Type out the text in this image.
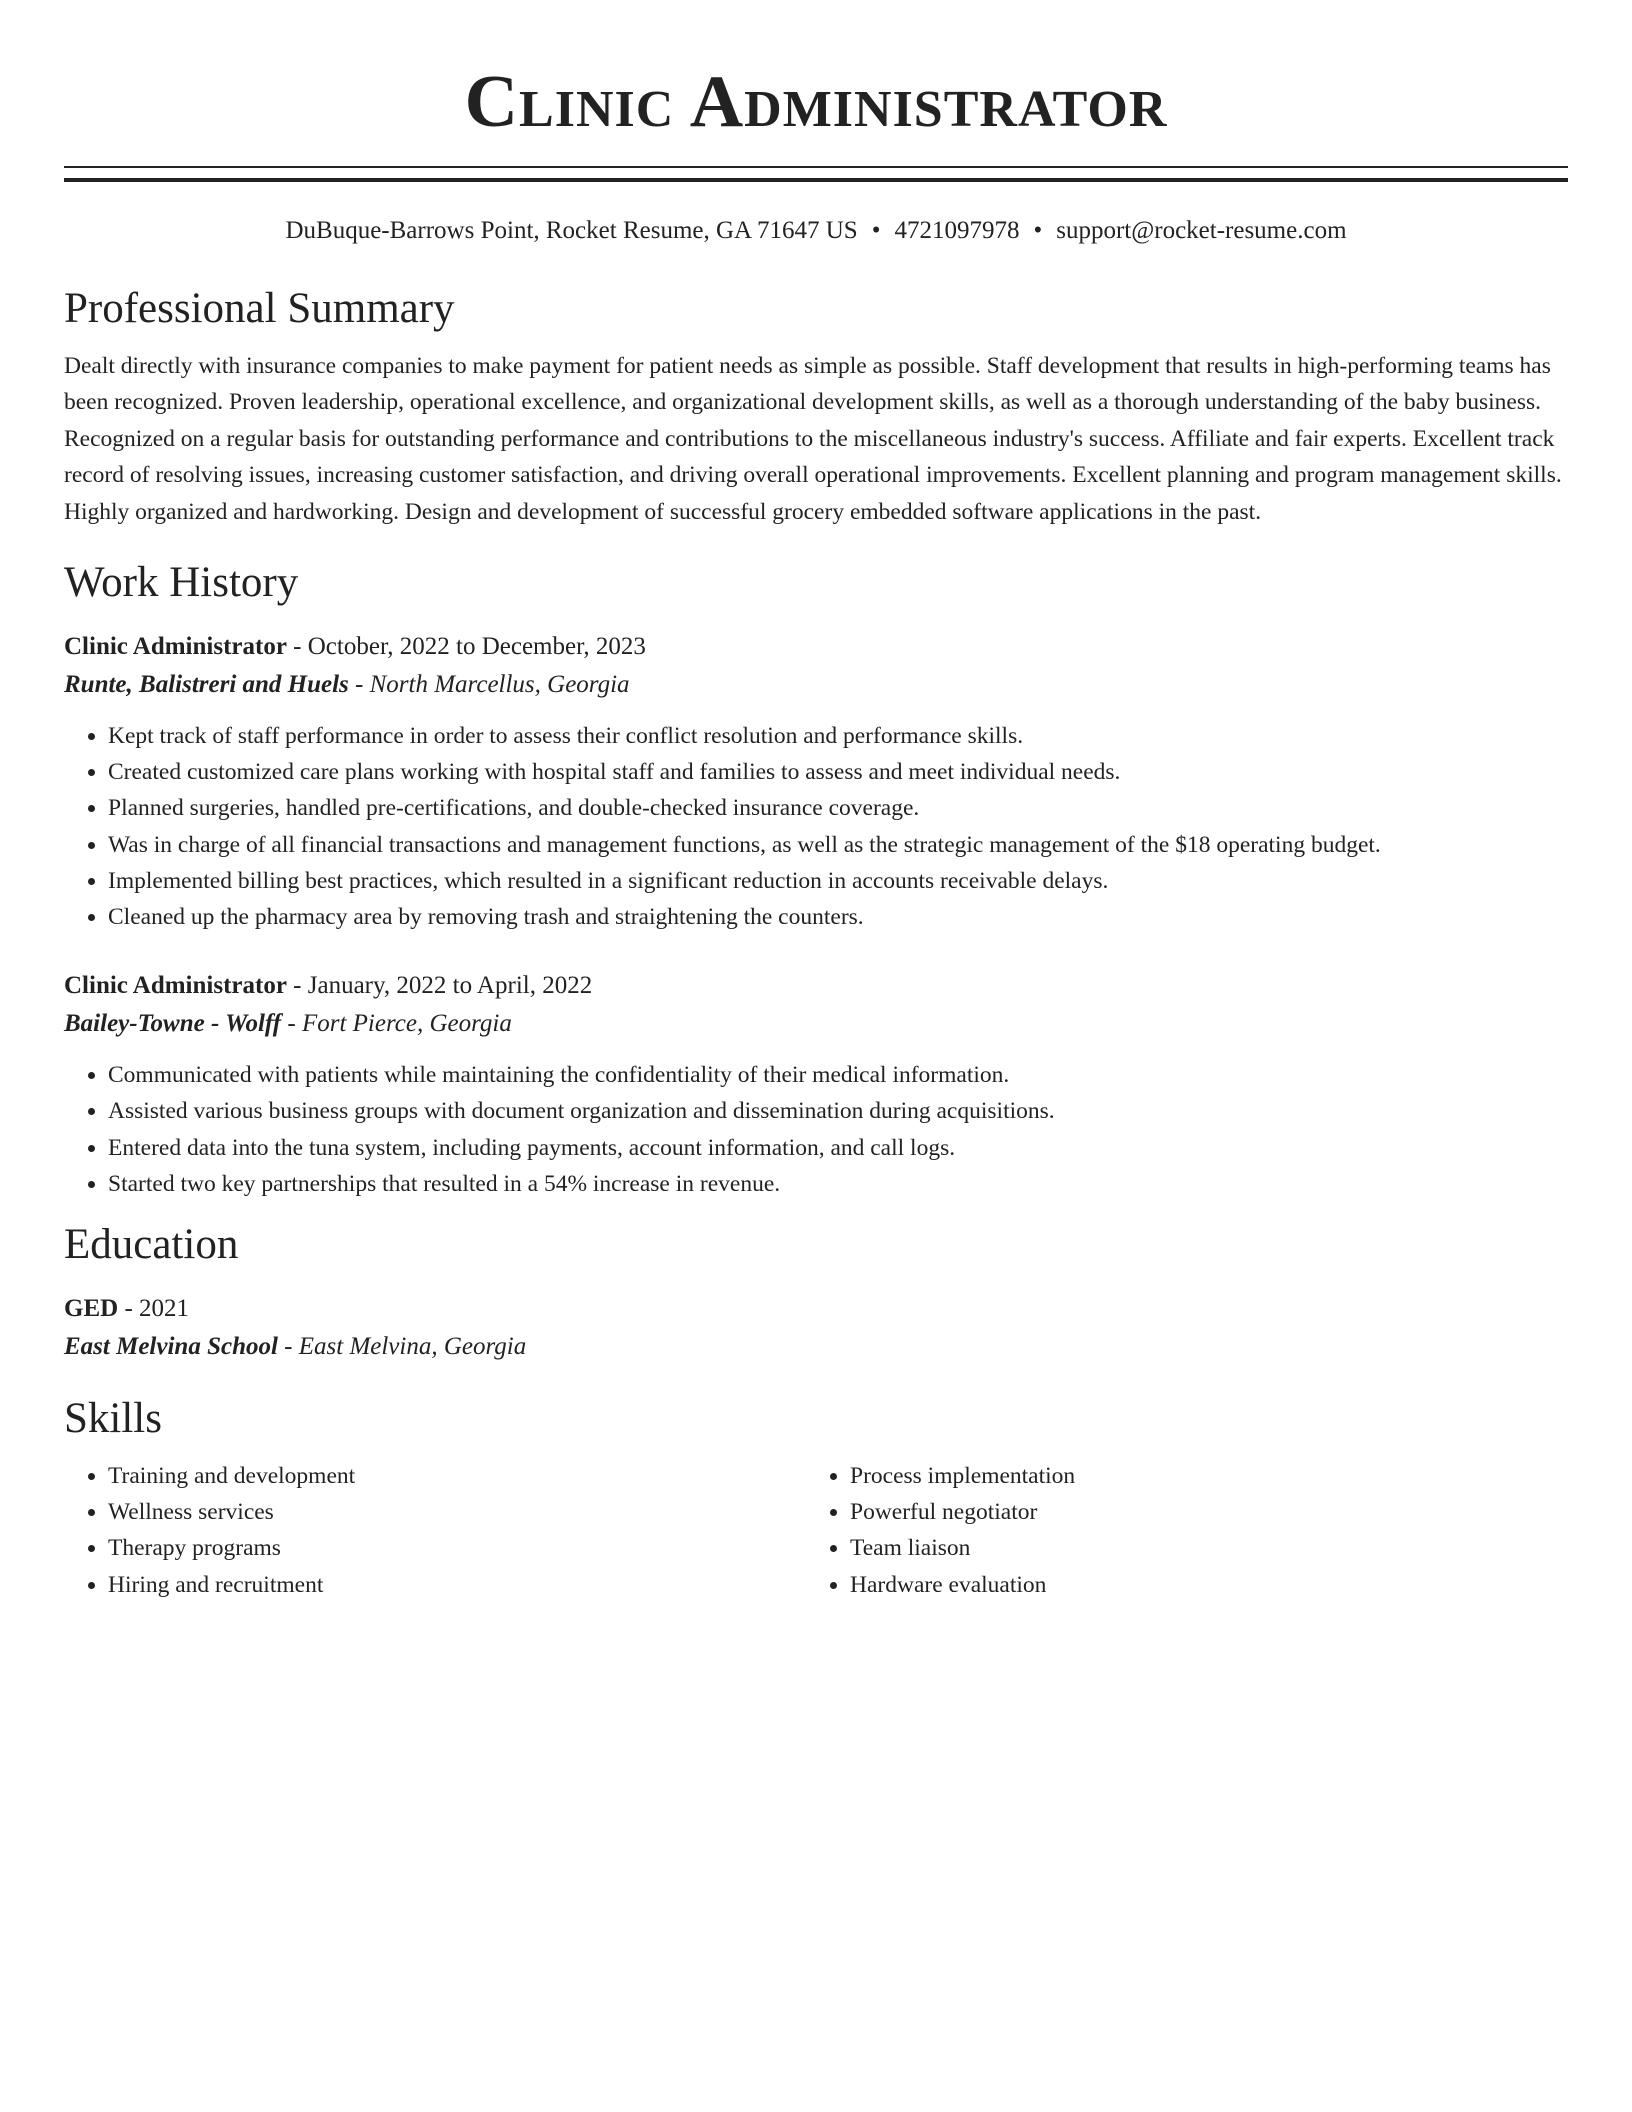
Clinic Administrator
DuBuque-Barrows Point, Rocket Resume, GA 71647 US • 4721097978 • support@rocket-resume.com
Professional Summary

Dealt directly with insurance companies to make payment for patient needs as simple as possible. Staff development that results in high-performing teams has been recognized. Proven leadership, operational excellence, and organizational development skills, as well as a thorough understanding of the baby business. Recognized on a regular basis for outstanding performance and contributions to the miscellaneous industry's success. Affiliate and fair experts. Excellent track record of resolving issues, increasing customer satisfaction, and driving overall operational improvements. Excellent planning and program management skills. Highly organized and hardworking. Design and development of successful grocery embedded software applications in the past.

Work History
Clinic Administrator - October, 2022 to December, 2023
Runte, Balistreri and Huels - North Marcellus, Georgia
• Kept track of staff performance in order to assess their conflict resolution and performance skills.
• Created customized care plans working with hospital staff and families to assess and meet individual needs.
• Planned surgeries, handled pre-certifications, and double-checked insurance coverage.
• Was in charge of all financial transactions and management functions, as well as the strategic management of the $18 operating budget.
• Implemented billing best practices, which resulted in a significant reduction in accounts receivable delays.
• Cleaned up the pharmacy area by removing trash and straightening the counters.
Clinic Administrator - January, 2022 to April, 2022
Bailey-Towne - Wolff - Fort Pierce, Georgia
• Communicated with patients while maintaining the confidentiality of their medical information.
• Assisted various business groups with document organization and dissemination during acquisitions.
• Entered data into the tuna system, including payments, account information, and call logs.
• Started two key partnerships that resulted in a 54% increase in revenue.
Education
GED - 2021
East Melvina School - East Melvina, Georgia
Skills
• Training and development
• Wellness services
• Therapy programs
• Hiring and recruitment
• Process implementation
• Powerful negotiator
• Team liaison
• Hardware evaluation
